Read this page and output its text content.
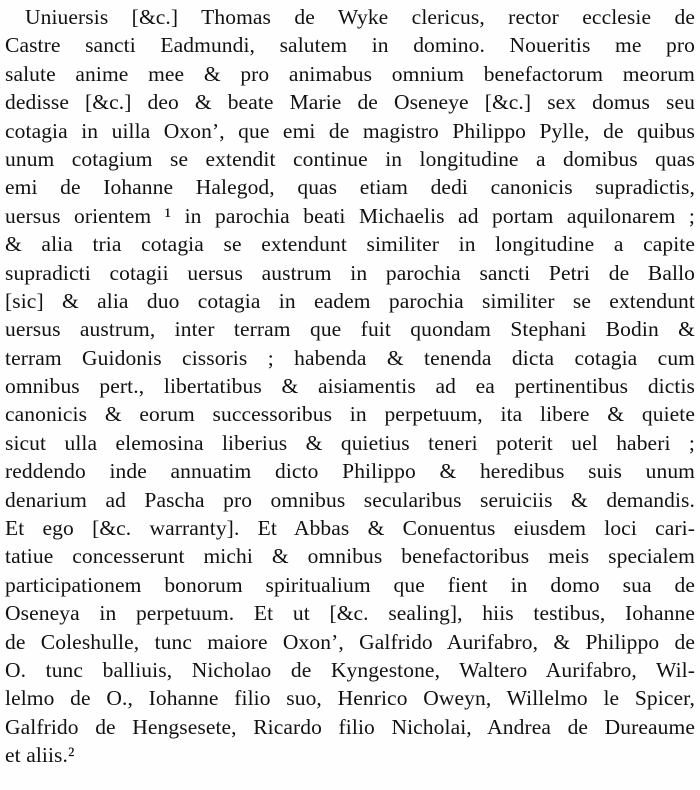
Uniuersis [&c.] Thomas de Wyke clericus, rector ecclesie de
Castre sancti Eadmundi, salutem in domino. Noueritis me pro
salute anime mee & pro animabus omnium benefactorum meorum
dedisse [&c.] deo & beate Marie de Oseneye [&c.] sex domus seu
cotagia in uilla Oxon’, que emi de magistro Philippo Pylle, de quibus
unum cotagium se extendit continue in longitudine a domibus quas
emi de Iohanne Halegod, quas etiam dedi canonicis supradictis,
uersus orientem ¹ in parochia beati Michaelis ad portam aquilonarem ;
& alia tria cotagia se extendunt similiter in longitudine a capite
supradicti cotagii uersus austrum in parochia sancti Petri de Ballo
[sic] & alia duo cotagia in eadem parochia similiter se extendunt
uersus austrum, inter terram que fuit quondam Stephani Bodin &
terram Guidonis cissoris ; habenda & tenenda dicta cotagia cum
omnibus pert., libertatibus & aisiamentis ad ea pertinentibus dictis
canonicis & eorum successoribus in perpetuum, ita libere & quiete
sicut ulla elemosina liberius & quietius teneri poterit uel haberi ;
reddendo inde annuatim dicto Philippo & heredibus suis unum
denarium ad Pascha pro omnibus secularibus seruiciis & demandis.
Et ego [&c. warranty]. Et Abbas & Conuentus eiusdem loci cari-
tatiue concesserunt michi & omnibus benefactoribus meis specialem
participationem bonorum spiritualium que fient in domo sua de
Oseneya in perpetuum. Et ut [&c. sealing], hiis testibus, Iohanne
de Coleshulle, tunc maiore Oxon’, Galfrido Aurifabro, & Philippo de
O. tunc balliuis, Nicholao de Kyngestone, Waltero Aurifabro, Wil-
lelmo de O., Iohanne filio suo, Henrico Oweyn, Willelmo le Spicer,
Galfrido de Hengsesete, Ricardo filio Nicholai, Andrea de Dureaume
et aliis.²
